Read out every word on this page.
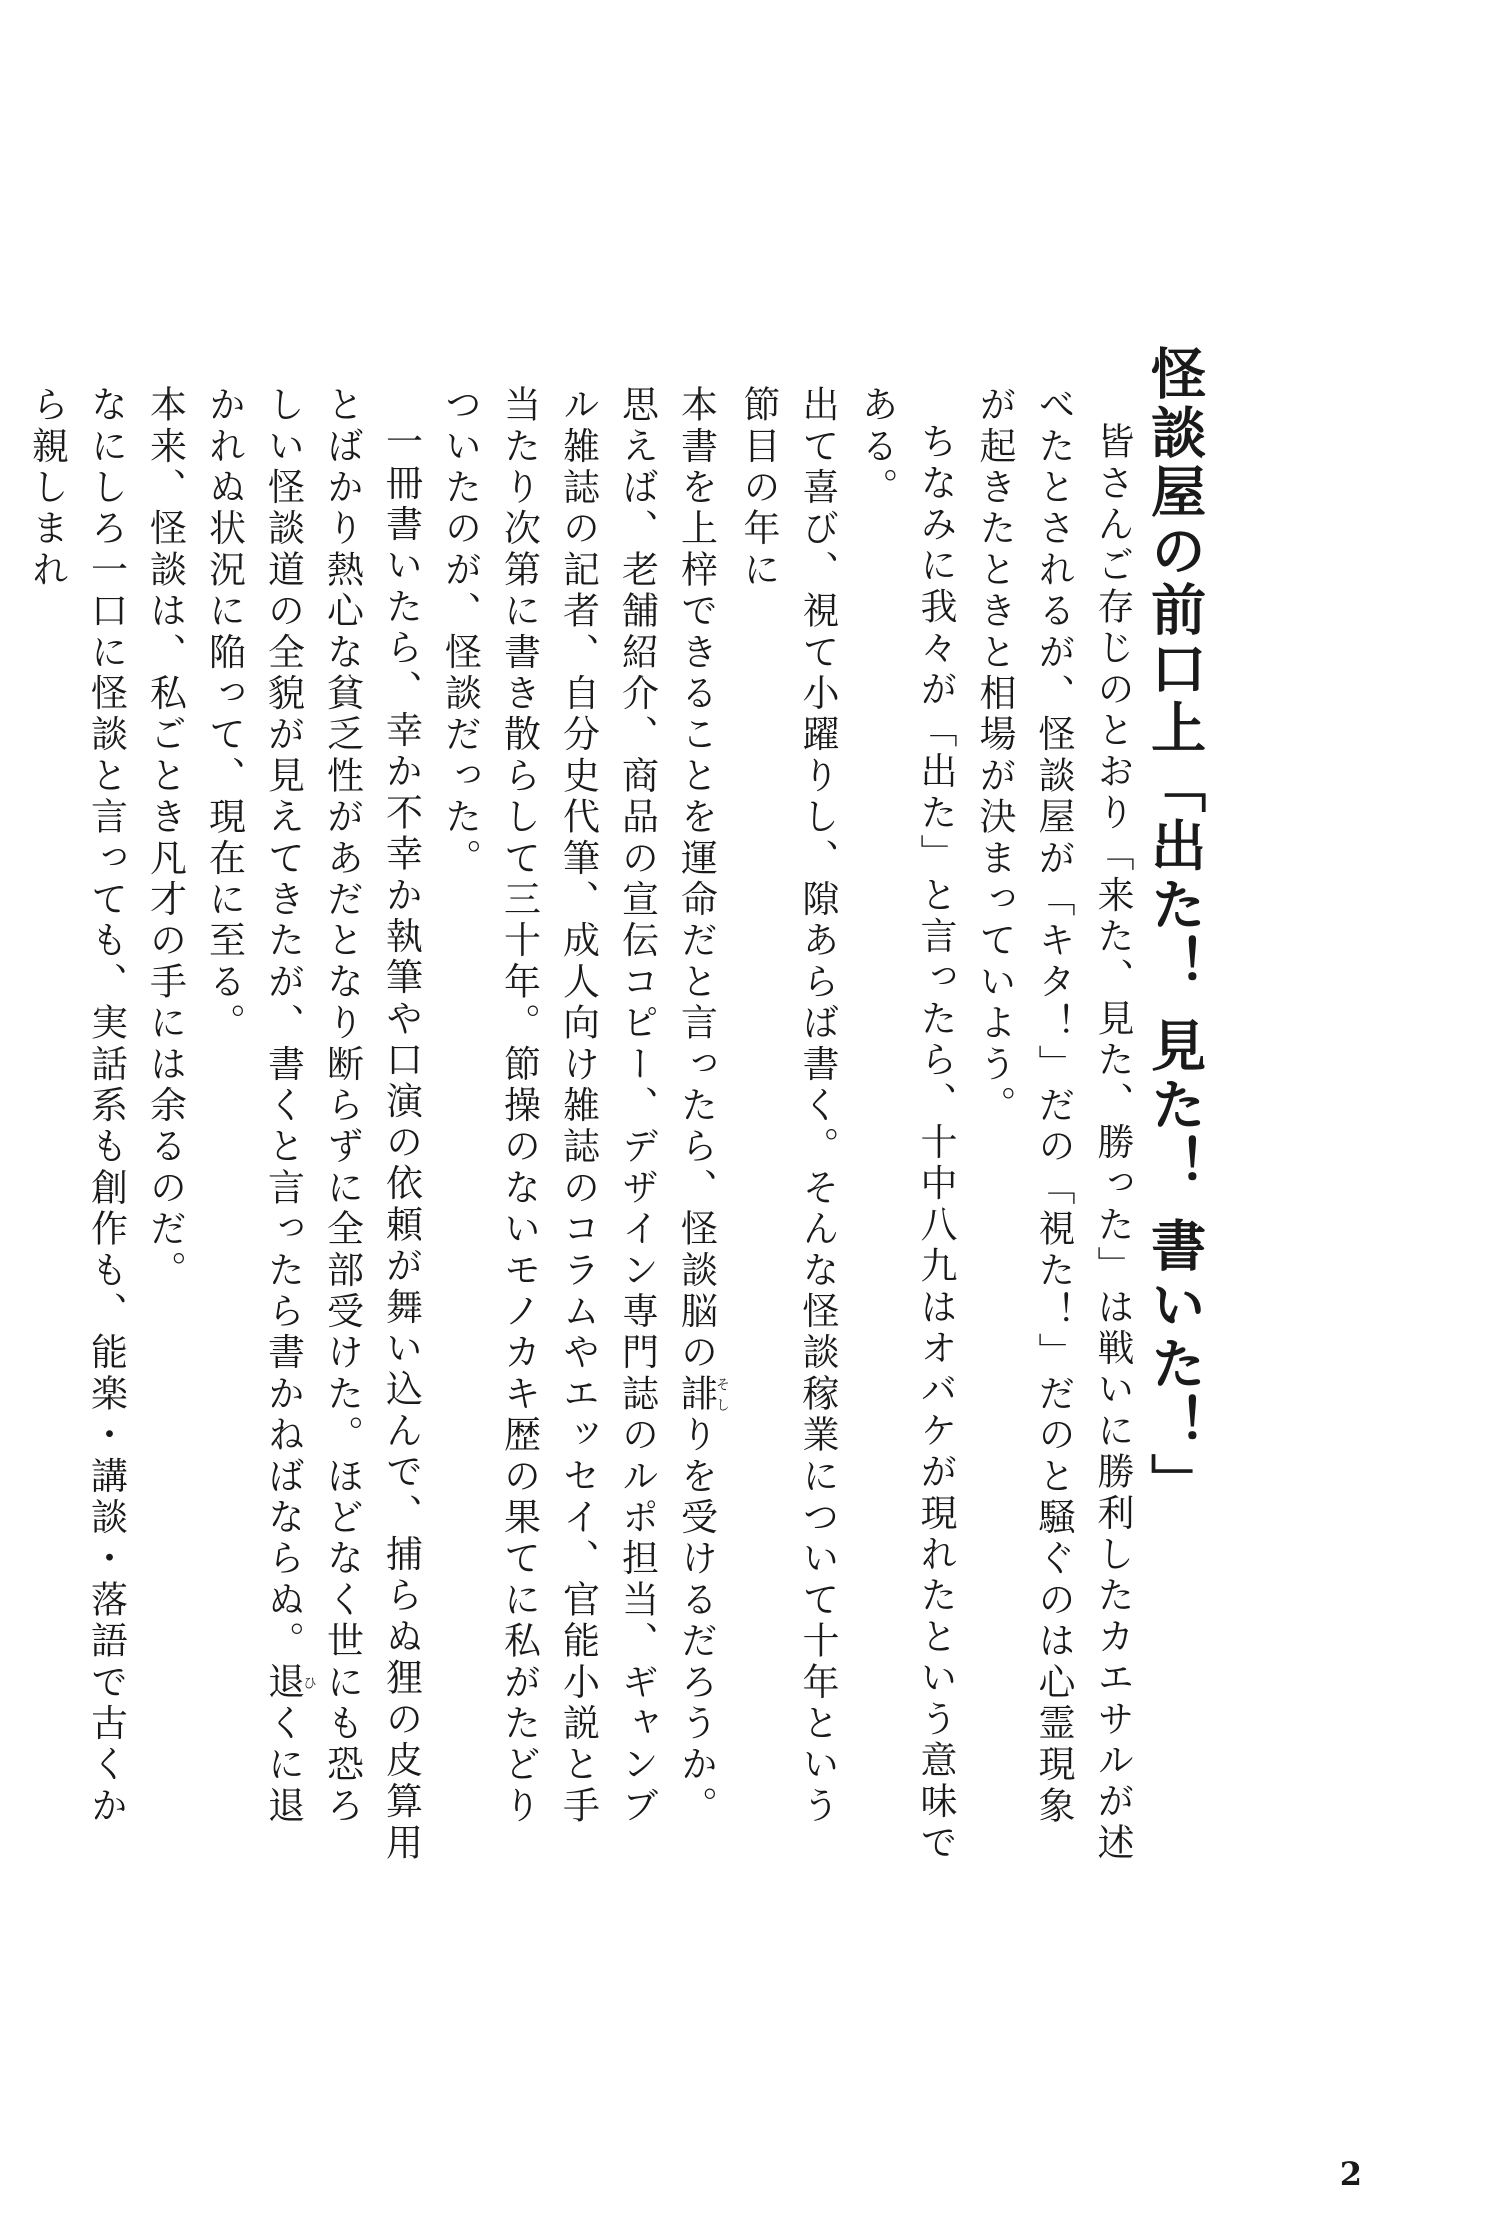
怪談屋の前口上「出た！ 見た！ 書いた！」

皆さんご存じのとおり「来た、見た、勝った」は戦いに勝利したカエサルが述べたとされるが、怪談屋が「キタ！」だの「視た！」だのと騒ぐのは心霊現象が起きたときと相場が決まっていよう。

ちなみに我々が「出た」と言ったら、十中八九はオバケが現れたという意味である。

出て喜び、視て小躍りし、隙あらば書く。そんな怪談稼業について十年という節目の年に

本書を上梓できることを運命だと言ったら、怪談脳の誹そしりを受けるだろうか。

思えば、老舗紹介、商品の宣伝コピー、デザイン専門誌のルポ担当、ギャンブル雑誌の記者、自分史代筆、成人向け雑誌のコラムやエッセイ、官能小説と手当たり次第に書き散らして三十年。節操のないモノカキ歴の果てに私がたどりついたのが、怪談だった。

一冊書いたら、幸か不幸か執筆や口演の依頼が舞い込んで、捕らぬ狸の皮算用とばかり熱心な貧乏性があだとなり断らずに全部受けた。ほどなく世にも恐ろしい怪談道の全貌が見えてきたが、書くと言ったら書かねばならぬ。退ひくに退かれぬ状況に陥って、現在に至る。

本来、怪談は、私ごとき凡才の手には余るのだ。

なにしろ一口に怪談と言っても、実話系も創作も、能楽・講談・落語で古くから親しまれ

2
